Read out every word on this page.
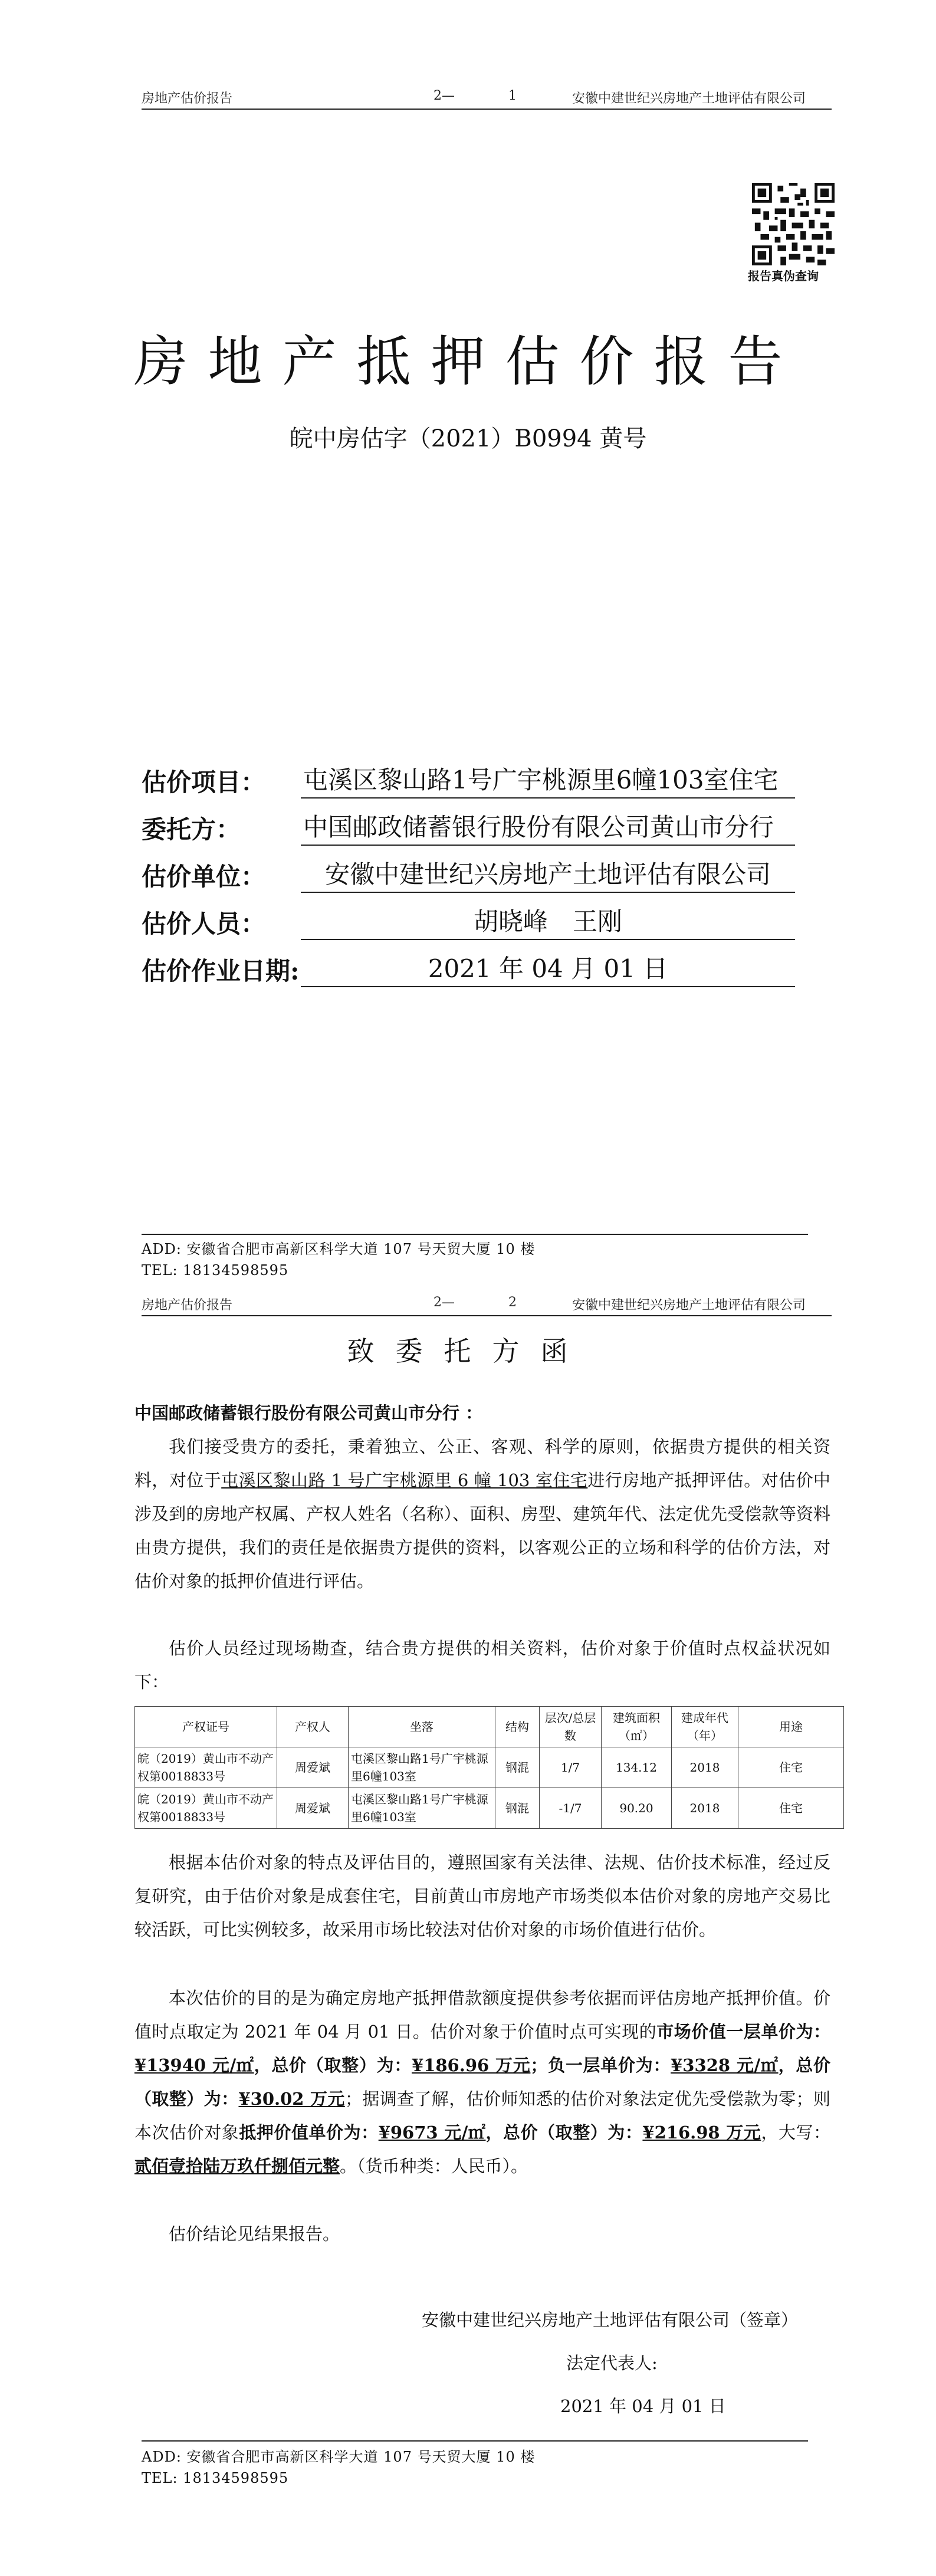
房地产估价报告	2—	1	安徽中建世纪兴房地产土地评估有限公司
报告真伪查询
房地产抵押估价报告
皖中房估字（2021）B0994 黄号
估价项目： 屯溪区黎山路1号广宇桃源里6幢103室住宅
委托方：	中国邮政储蓄银行股份有限公司黄山市分行
估价单位：	安徽中建世纪兴房地产土地评估有限公司
估价人员：	胡晓峰　王刚
估价作业日期:	2021 年 04 月 01 日
ADD: 安徽省合肥市高新区科学大道 107 号天贸大厦 10 楼
TEL: 18134598595
房地产估价报告	2—	2	安徽中建世纪兴房地产土地评估有限公司
致委托方函
中国邮政储蓄银行股份有限公司黄山市分行 ：
我们接受贵方的委托，秉着独立、公正、客观、科学的原则，依据贵方提供的相关资料，对位于屯溪区黎山路 1 号广宇桃源里 6 幢 103 室住宅进行房地产抵押评估。对估价中涉及到的房地产权属、产权人姓名（名称）、面积、房型、建筑年代、法定优先受偿款等资料由贵方提供，我们的责任是依据贵方提供的资料，以客观公正的立场和科学的估价方法，对估价对象的抵押价值进行评估。
估价人员经过现场勘查，结合贵方提供的相关资料，估价对象于价值时点权益状况如下：
产权证号	产权人	坐落	结构	层次/总层数	建筑面积（㎡）	建成年代（年）	用途
皖（2019）黄山市不动产权第0018833号	周爱斌	屯溪区黎山路1号广宇桃源里6幢103室	钢混	1/7	134.12	2018	住宅
皖（2019）黄山市不动产权第0018833号	周爱斌	屯溪区黎山路1号广宇桃源里6幢103室	钢混	-1/7	90.20	2018	住宅
根据本估价对象的特点及评估目的，遵照国家有关法律、法规、估价技术标准，经过反复研究，由于估价对象是成套住宅，目前黄山市房地产市场类似本估价对象的房地产交易比较活跃，可比实例较多，故采用市场比较法对估价对象的市场价值进行估价。
本次估价的目的是为确定房地产抵押借款额度提供参考依据而评估房地产抵押价值。价值时点取定为 2021 年 04 月 01 日。估价对象于价值时点可实现的市场价值一层单价为：¥13940 元/㎡，总价（取整）为：¥186.96 万元；负一层单价为：¥3328 元/㎡，总价（取整）为：¥30.02 万元；据调查了解，估价师知悉的估价对象法定优先受偿款为零；则本次估价对象抵押价值单价为：¥9673 元/㎡，总价（取整）为：¥216.98 万元，大写：贰佰壹拾陆万玖仟捌佰元整。（货币种类：人民币）。
估价结论见结果报告。
安徽中建世纪兴房地产土地评估有限公司（签章）
法定代表人:
2021 年 04 月 01 日
ADD: 安徽省合肥市高新区科学大道 107 号天贸大厦 10 楼
TEL: 18134598595
